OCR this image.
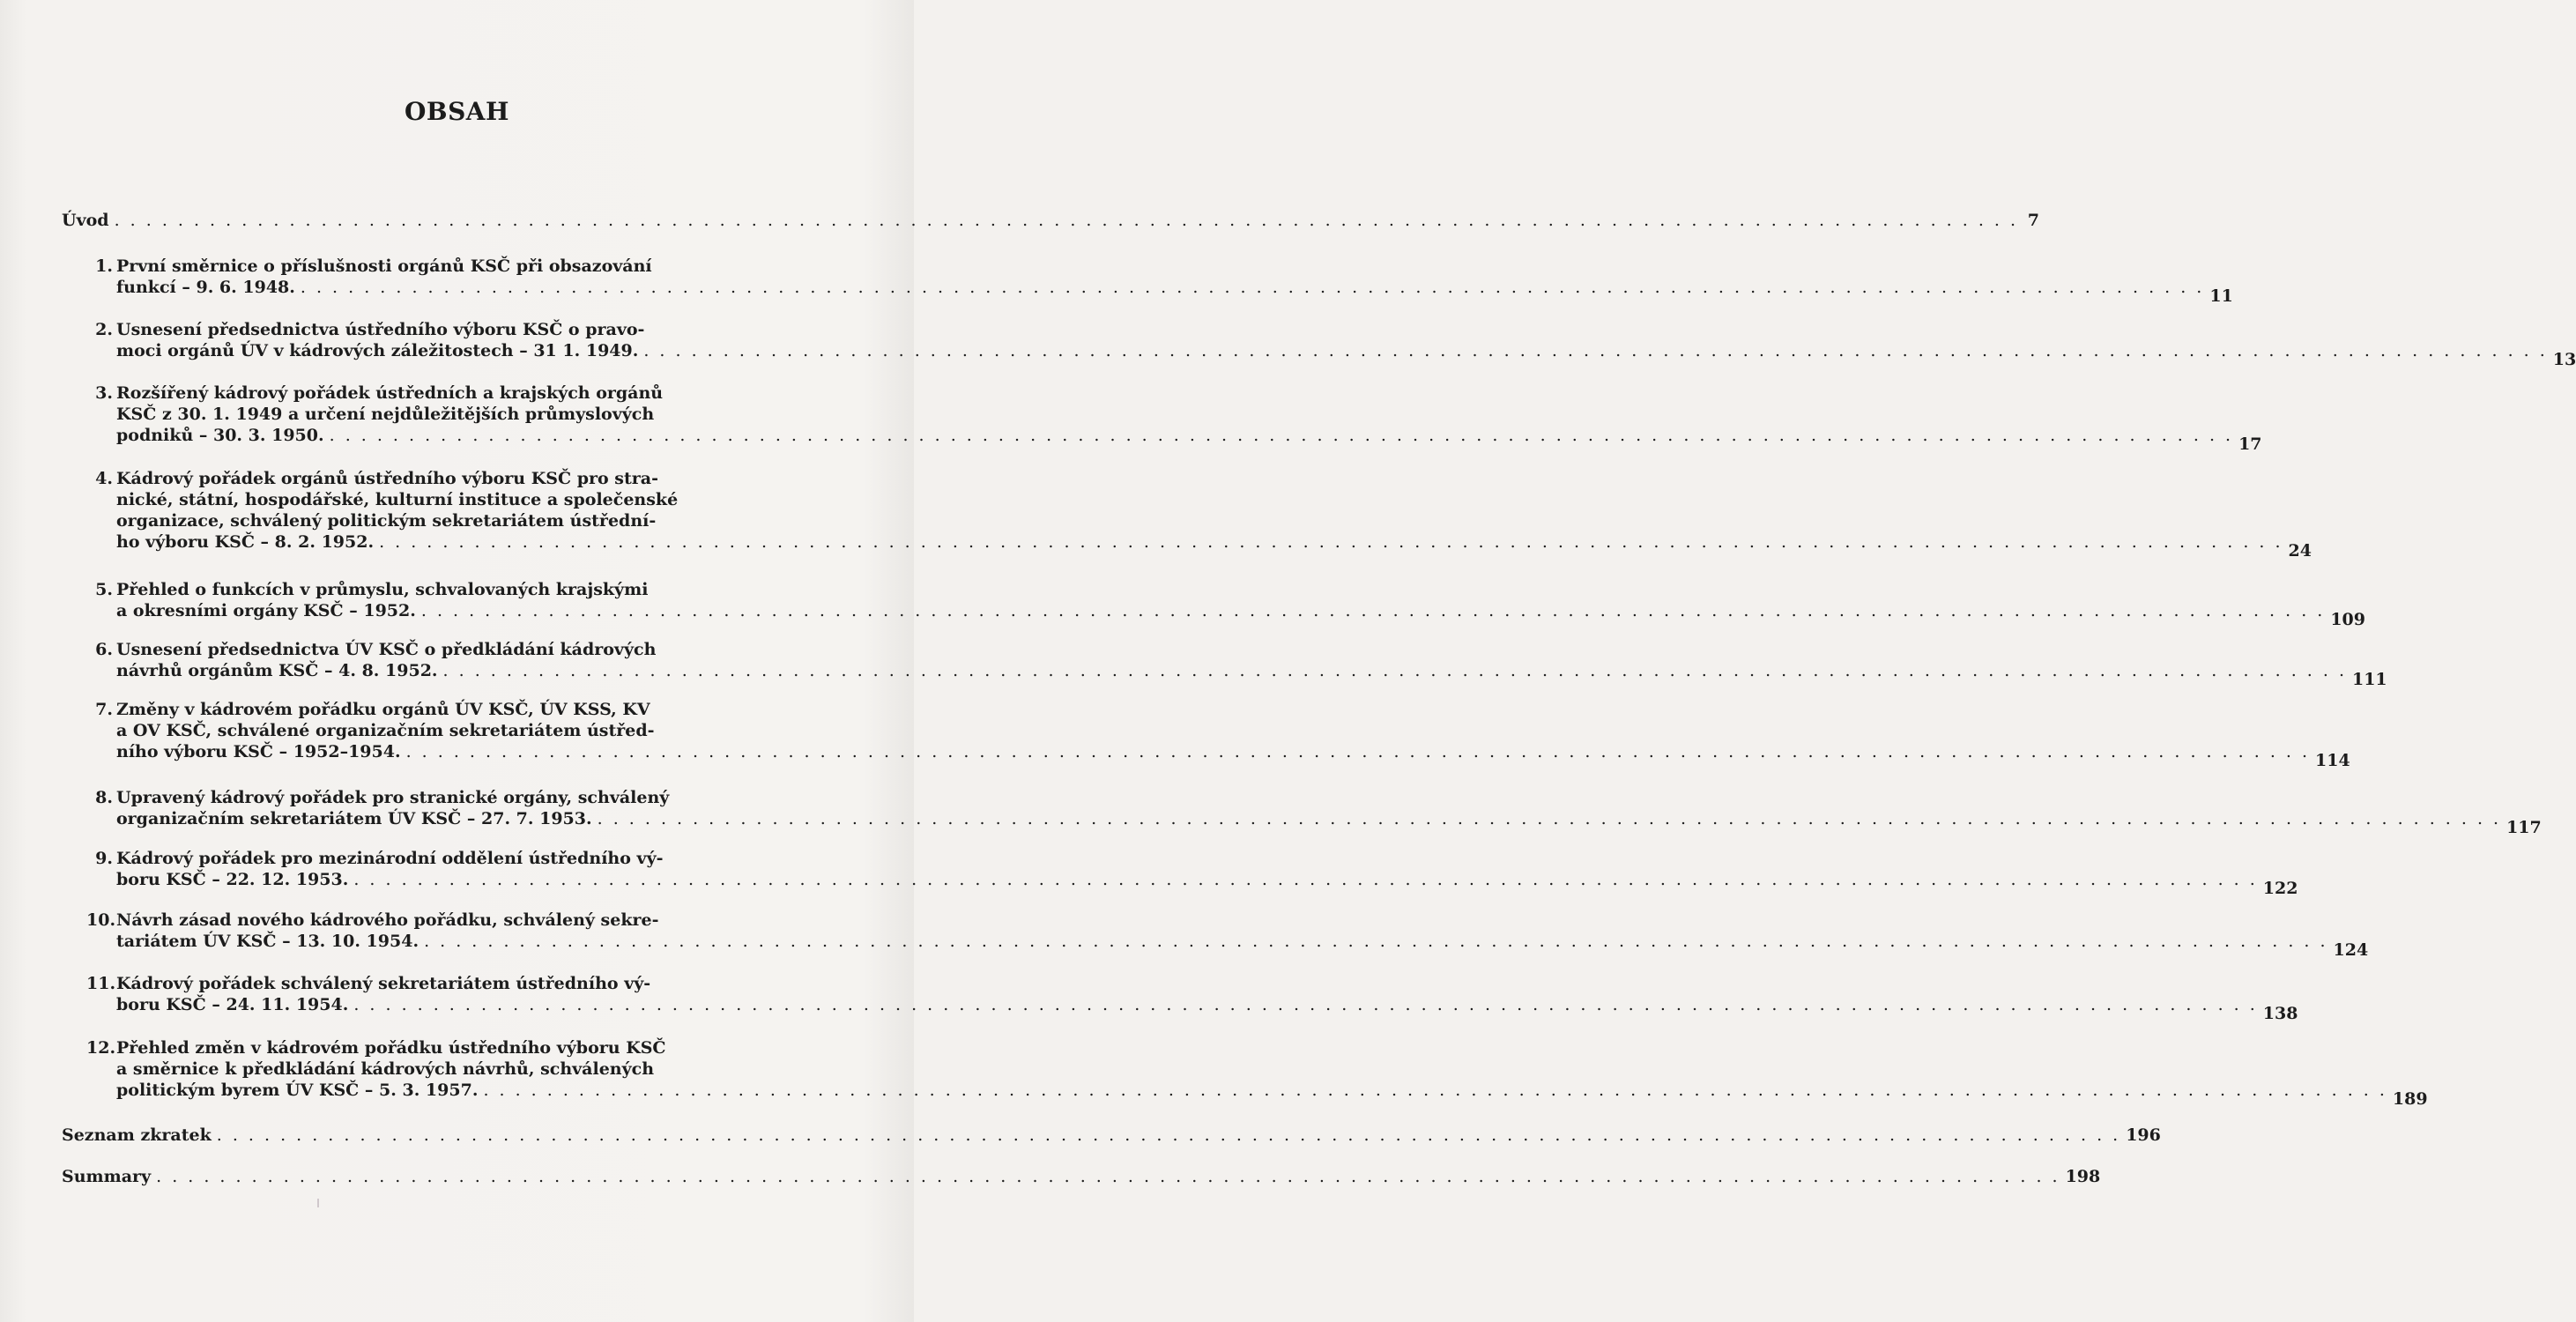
OBSAH
Úvod . . . . . . . . . . . . . . . . . . . . . . . . . . . . . . . . . . . . . . . . . . . . . . . . . . . . . . . . . . . . . . . . . . . . . . . . . . . . . . . . . . . . . . . . . . . . . . . . . . . . . . . . . . . . . . . . . . . . . . . . 7
1. První směrnice o příslušnosti orgánů KSČ při obsazování
funkcí – 9. 6. 1948. . . . . . . . . . . . . . . . . . . . . . . . . . . . . . . . . . . . . . . . . . . . . . . . . . . . . . . . . . . . . . . . . . . . . . . . . . . . . . . . . . . . . . . . . . . . . . . . . . . . . . . . . . . . . . . . . . . . . . . . . 11
2. Usnesení předsednictva ústředního výboru KSČ o pravo-
moci orgánů ÚV v kádrových záležitostech – 31 1. 1949. . . . . . . . . . . . . . . . . . . . . . . . . . . . . . . . . . . . . . . . . . . . . . . . . . . . . . . . . . . . . . . . . . . . . . . . . . . . . . . . . . . . . . . . . . . . . . . . . . . . . . . . . . . . . . . . . . . . . . . . . 13
3. Rozšířený kádrový pořádek ústředních a krajských orgánů
KSČ z 30. 1. 1949 a určení nejdůležitějších průmyslových
podniků – 30. 3. 1950. . . . . . . . . . . . . . . . . . . . . . . . . . . . . . . . . . . . . . . . . . . . . . . . . . . . . . . . . . . . . . . . . . . . . . . . . . . . . . . . . . . . . . . . . . . . . . . . . . . . . . . . . . . . . . . . . . . . . . . . . 17
4. Kádrový pořádek orgánů ústředního výboru KSČ pro stra-
nické, státní, hospodářské, kulturní instituce a společenské
organizace, schválený politickým sekretariátem ústřední-
ho výboru KSČ – 8. 2. 1952. . . . . . . . . . . . . . . . . . . . . . . . . . . . . . . . . . . . . . . . . . . . . . . . . . . . . . . . . . . . . . . . . . . . . . . . . . . . . . . . . . . . . . . . . . . . . . . . . . . . . . . . . . . . . . . . . . . . . . . . . 24
5. Přehled o funkcích v průmyslu, schvalovaných krajskými
a okresními orgány KSČ – 1952. . . . . . . . . . . . . . . . . . . . . . . . . . . . . . . . . . . . . . . . . . . . . . . . . . . . . . . . . . . . . . . . . . . . . . . . . . . . . . . . . . . . . . . . . . . . . . . . . . . . . . . . . . . . . . . . . . . . . . . . . 109
6. Usnesení předsednictva ÚV KSČ o předkládání kádrových
návrhů orgánům KSČ – 4. 8. 1952. . . . . . . . . . . . . . . . . . . . . . . . . . . . . . . . . . . . . . . . . . . . . . . . . . . . . . . . . . . . . . . . . . . . . . . . . . . . . . . . . . . . . . . . . . . . . . . . . . . . . . . . . . . . . . . . . . . . . . . . . 111
7. Změny v kádrovém pořádku orgánů ÚV KSČ, ÚV KSS, KV
a OV KSČ, schválené organizačním sekretariátem ústřed-
ního výboru KSČ – 1952–1954. . . . . . . . . . . . . . . . . . . . . . . . . . . . . . . . . . . . . . . . . . . . . . . . . . . . . . . . . . . . . . . . . . . . . . . . . . . . . . . . . . . . . . . . . . . . . . . . . . . . . . . . . . . . . . . . . . . . . . . . . 114
8. Upravený kádrový pořádek pro stranické orgány, schválený
organizačním sekretariátem ÚV KSČ – 27. 7. 1953. . . . . . . . . . . . . . . . . . . . . . . . . . . . . . . . . . . . . . . . . . . . . . . . . . . . . . . . . . . . . . . . . . . . . . . . . . . . . . . . . . . . . . . . . . . . . . . . . . . . . . . . . . . . . . . . . . . . . . . . . 117
9. Kádrový pořádek pro mezinárodní oddělení ústředního vý-
boru KSČ – 22. 12. 1953. . . . . . . . . . . . . . . . . . . . . . . . . . . . . . . . . . . . . . . . . . . . . . . . . . . . . . . . . . . . . . . . . . . . . . . . . . . . . . . . . . . . . . . . . . . . . . . . . . . . . . . . . . . . . . . . . . . . . . . . . 122
10. Návrh zásad nového kádrového pořádku, schválený sekre-
tariátem ÚV KSČ – 13. 10. 1954. . . . . . . . . . . . . . . . . . . . . . . . . . . . . . . . . . . . . . . . . . . . . . . . . . . . . . . . . . . . . . . . . . . . . . . . . . . . . . . . . . . . . . . . . . . . . . . . . . . . . . . . . . . . . . . . . . . . . . . . . 124
11. Kádrový pořádek schválený sekretariátem ústředního vý-
boru KSČ – 24. 11. 1954. . . . . . . . . . . . . . . . . . . . . . . . . . . . . . . . . . . . . . . . . . . . . . . . . . . . . . . . . . . . . . . . . . . . . . . . . . . . . . . . . . . . . . . . . . . . . . . . . . . . . . . . . . . . . . . . . . . . . . . . . 138
12. Přehled změn v kádrovém pořádku ústředního výboru KSČ
a směrnice k předkládání kádrových návrhů, schválených
politickým byrem ÚV KSČ – 5. 3. 1957. . . . . . . . . . . . . . . . . . . . . . . . . . . . . . . . . . . . . . . . . . . . . . . . . . . . . . . . . . . . . . . . . . . . . . . . . . . . . . . . . . . . . . . . . . . . . . . . . . . . . . . . . . . . . . . . . . . . . . . . . 189
Seznam zkratek . . . . . . . . . . . . . . . . . . . . . . . . . . . . . . . . . . . . . . . . . . . . . . . . . . . . . . . . . . . . . . . . . . . . . . . . . . . . . . . . . . . . . . . . . . . . . . . . . . . . . . . . . . . . . . . . . . . . . . . . 196
Summary . . . . . . . . . . . . . . . . . . . . . . . . . . . . . . . . . . . . . . . . . . . . . . . . . . . . . . . . . . . . . . . . . . . . . . . . . . . . . . . . . . . . . . . . . . . . . . . . . . . . . . . . . . . . . . . . . . . . . . . . 198
